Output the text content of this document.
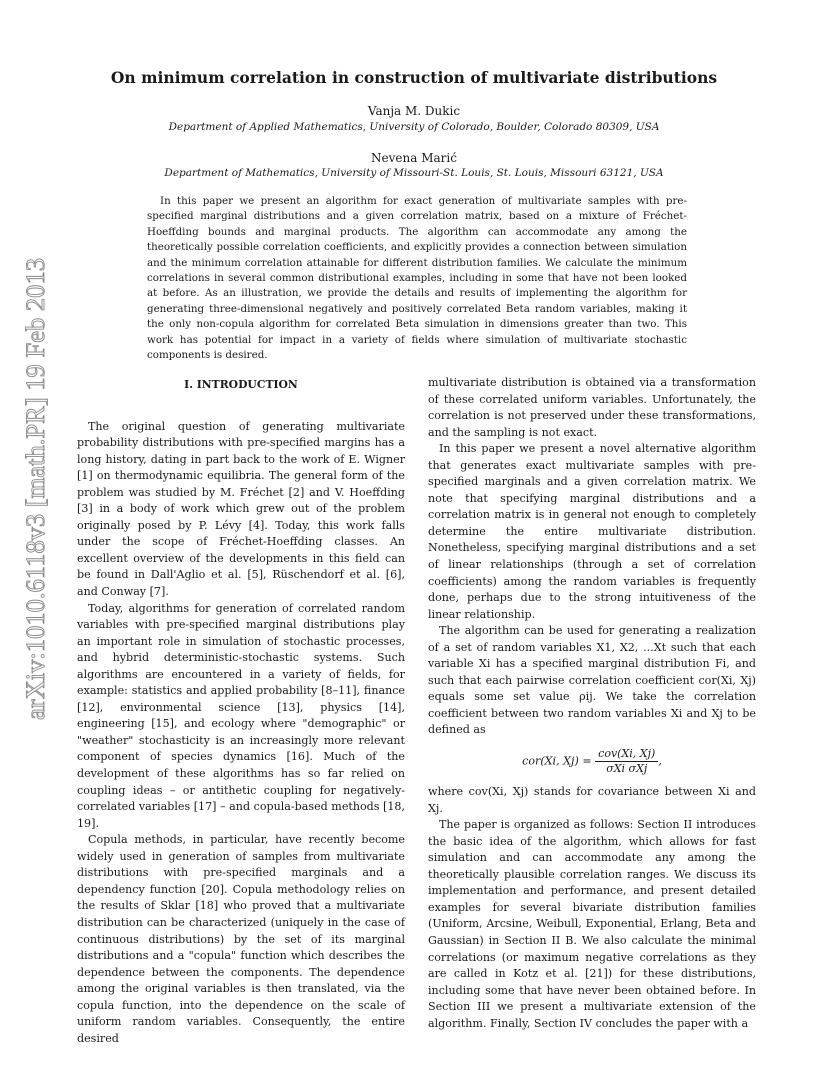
arXiv:1010.6118v3 [math.PR] 19 Feb 2013
On minimum correlation in construction of multivariate distributions
Vanja M. Dukic
Department of Applied Mathematics, University of Colorado, Boulder, Colorado 80309, USA
Nevena Marić
Department of Mathematics, University of Missouri-St. Louis, St. Louis, Missouri 63121, USA

In this paper we present an algorithm for exact generation of multivariate samples with pre-specified marginal distributions and a given correlation matrix, based on a mixture of Fréchet-Hoeffding bounds and marginal products. The algorithm can accommodate any among the theoretically possible correlation coefficients, and explicitly provides a connection between simulation and the minimum correlation attainable for different distribution families. We calculate the minimum correlations in several common distributional examples, including in some that have not been looked at before. As an illustration, we provide the details and results of implementing the algorithm for generating three-dimensional negatively and positively correlated Beta random variables, making it the only non-copula algorithm for correlated Beta simulation in dimensions greater than two. This work has potential for impact in a variety of fields where simulation of multivariate stochastic components is desired.

I. INTRODUCTION

The original question of generating multivariate probability distributions with pre-specified margins has a long history, dating in part back to the work of E. Wigner [1] on thermodynamic equilibria. The general form of the problem was studied by M. Fréchet [2] and V. Hoeffding [3] in a body of work which grew out of the problem originally posed by P. Lévy [4]. Today, this work falls under the scope of Fréchet-Hoeffding classes. An excellent overview of the developments in this field can be found in Dall'Aglio et al. [5], Rüschendorf et al. [6], and Conway [7].

Today, algorithms for generation of correlated random variables with pre-specified marginal distributions play an important role in simulation of stochastic processes, and hybrid deterministic-stochastic systems. Such algorithms are encountered in a variety of fields, for example: statistics and applied probability [8–11], finance [12], environmental science [13], physics [14], engineering [15], and ecology where "demographic" or "weather" stochasticity is an increasingly more relevant component of species dynamics [16]. Much of the development of these algorithms has so far relied on coupling ideas – or antithetic coupling for negatively-correlated variables [17] – and copula-based methods [18, 19].

Copula methods, in particular, have recently become widely used in generation of samples from multivariate distributions with pre-specified marginals and a dependency function [20]. Copula methodology relies on the results of Sklar [18] who proved that a multivariate distribution can be characterized (uniquely in the case of continuous distributions) by the set of its marginal distributions and a "copula" function which describes the dependence between the components. The dependence among the original variables is then translated, via the copula function, into the dependence on the scale of uniform random variables. Consequently, the entire desired

multivariate distribution is obtained via a transformation of these correlated uniform variables. Unfortunately, the correlation is not preserved under these transformations, and the sampling is not exact.

In this paper we present a novel alternative algorithm that generates exact multivariate samples with pre-specified marginals and a given correlation matrix. We note that specifying marginal distributions and a correlation matrix is in general not enough to completely determine the entire multivariate distribution. Nonetheless, specifying marginal distributions and a set of linear relationships (through a set of correlation coefficients) among the random variables is frequently done, perhaps due to the strong intuitiveness of the linear relationship.

The algorithm can be used for generating a realization of a set of random variables X1, X2, ...Xt such that each variable Xi has a specified marginal distribution Fi, and such that each pairwise correlation coefficient cor(Xi, Xj) equals some set value ρij. We take the correlation coefficient between two random variables Xi and Xj to be defined as

cor(Xi, $Xj) = \frac{\text{cov(Xi, Xj)}}{\text{σXi σXj}}$ ,

where cov(Xi, Xj) stands for covariance between Xi and Xj.

The paper is organized as follows: Section II introduces the basic idea of the algorithm, which allows for fast simulation and can accommodate any among the theoretically plausible correlation ranges. We discuss its implementation and performance, and present detailed examples for several bivariate distribution families (Uniform, Arcsine, Weibull, Exponential, Erlang, Beta and Gaussian) in Section II B. We also calculate the minimal correlations (or maximum negative correlations as they are called in Kotz et al. [21]) for these distributions, including some that have never been obtained before. In Section III we present a multivariate extension of the algorithm. Finally, Section IV concludes the paper with a
